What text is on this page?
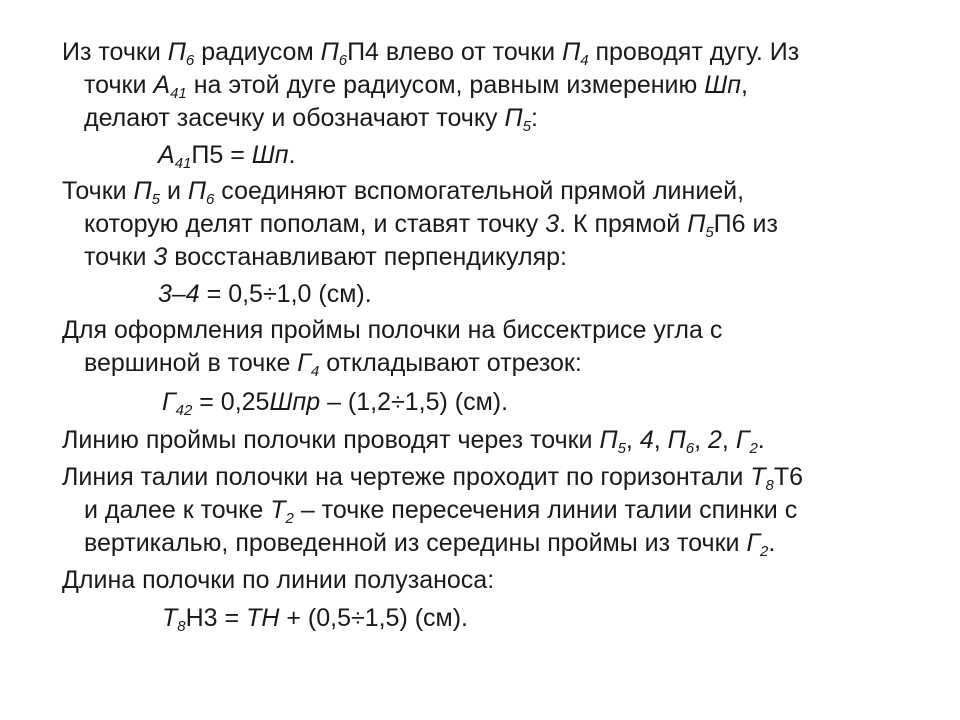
Из точки $П_6$ радиусом $П_6П4$ влево от точки $П_4$ проводят дугу. Из
точки $А_{41}$ на этой дуге радиусом, равным измерению Шп,
делают засечку и обозначают точку $П_5$:

$А_{41}П5$ = Шп.

Точки $П_5$ и $П_6$ соединяют вспомогательной прямой линией,
которую делят пополам, и ставят точку 3. К прямой $П_5П6$ из
точки 3 восстанавливают перпендикуляр:

3–4 = 0,5÷1,0 (см).

Для оформления проймы полочки на биссектрисе угла с
вершиной в точке $Г_4$ откладывают отрезок:

$Г_{42} = 0,25Шпр - (1,2\div 1,5)$ (см).

Линию проймы полочки проводят через точки $П_5$, 4, $П_6$, 2, $Г_2$.

Линия талии полочки на чертеже проходит по горизонтали $Т_8Т6$
и далее к точке $Т_2$ – точке пересечения линии талии спинки с
вертикалью, проведенной из середины проймы из точки $Г_2$.

Длина полочки по линии полузаноса:

$Т_8Н3$ = ТН + (0,5÷1,5) (см).
